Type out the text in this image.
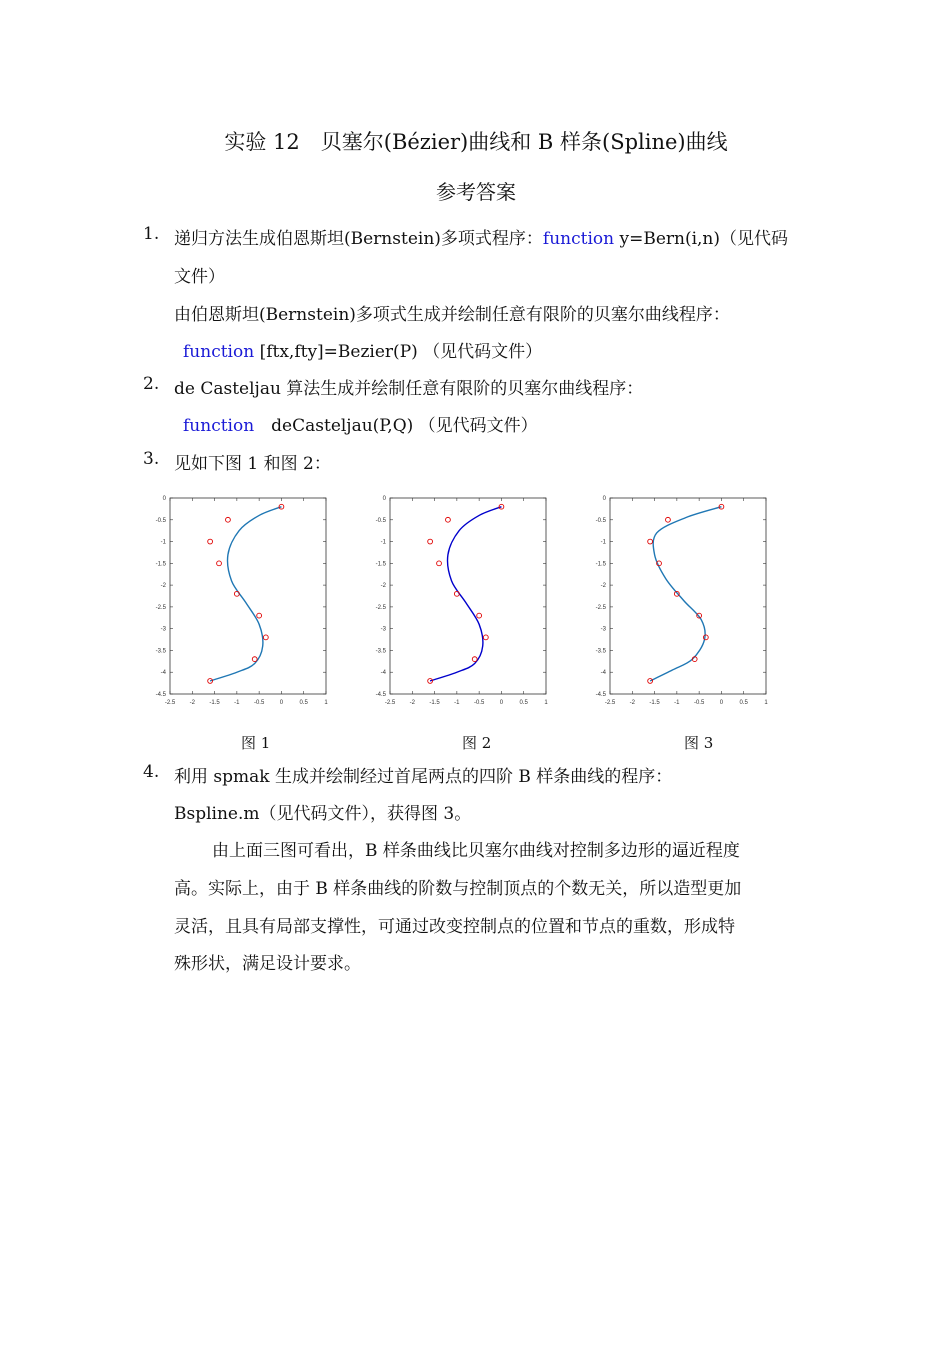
实验 12　贝塞尔(Bézier)曲线和 B 样条(Spline)曲线
参考答案
1. 递归方法生成伯恩斯坦(Bernstein)多项式程序：function y=Bern(i,n)（见代码
文件）
由伯恩斯坦(Bernstein)多项式生成并绘制任意有限阶的贝塞尔曲线程序：
function [ftx,fty]=Bezier(P) （见代码文件）
2. de Casteljau 算法生成并绘制任意有限阶的贝塞尔曲线程序：
function　deCasteljau(P,Q) （见代码文件）
3. 见如下图 1 和图 2：
0
-0.5
-1
-1.5
-2
-2.5
-3
-3.5
-4
-4.5
-2.5 -2 -1.5 -1 -0.5	0	0.5	1
0
-0.5
-1
-1.5
-2
-2.5
-3
-3.5
-4
-4.5
-2.5 -2 -1.5 -1 -0.5	0	0.5	1
0
-0.5
-1
-1.5
-2
-2.5
-3
-3.5
-4
-4.5
-2.5 -2 -1.5 -1 -0.5	0	0.5	1
图 1	图 2	图 3
4. 利用 spmak 生成并绘制经过首尾两点的四阶 B 样条曲线的程序：
Bspline.m（见代码文件），获得图 3。
由上面三图可看出，B 样条曲线比贝塞尔曲线对控制多边形的逼近程度
高。实际上，由于 B 样条曲线的阶数与控制顶点的个数无关，所以造型更加
灵活，且具有局部支撑性，可通过改变控制点的位置和节点的重数，形成特
殊形状，满足设计要求。
